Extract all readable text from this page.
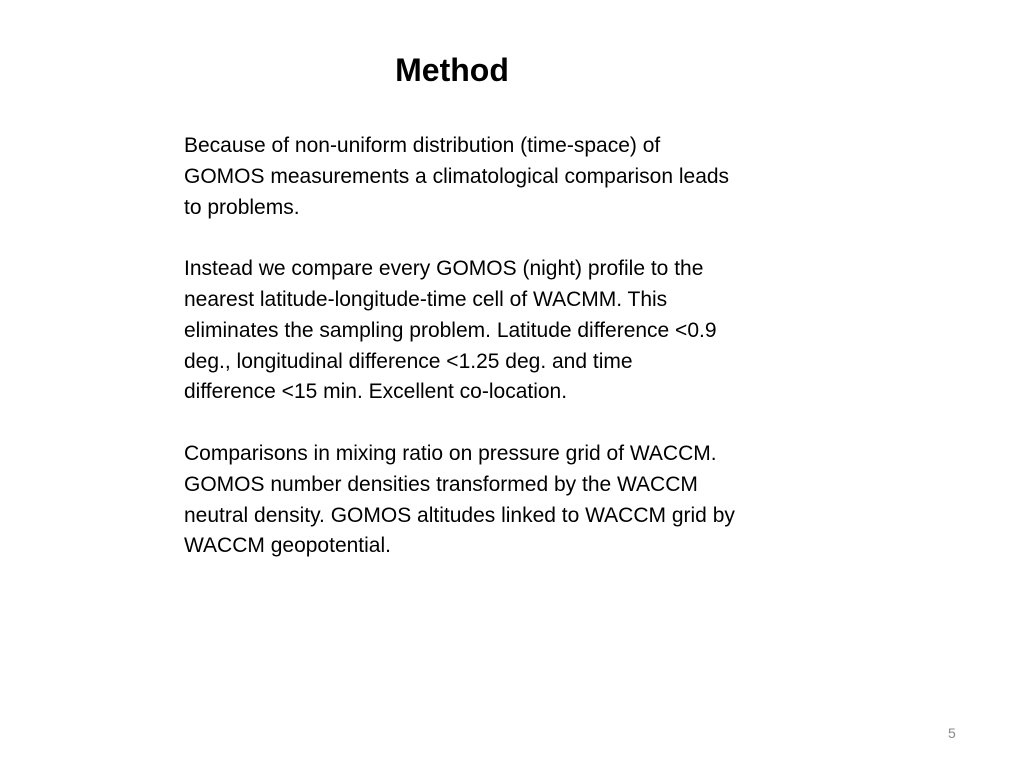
Method

Because of non-uniform distribution (time-space) of
GOMOS measurements a climatological comparison leads
to problems.

Instead we compare every GOMOS (night) profile to the
nearest latitude-longitude-time cell of WACMM. This
eliminates the sampling problem. Latitude difference <0.9
deg., longitudinal difference <1.25 deg. and time
difference <15 min. Excellent co-location.

Comparisons in mixing ratio on pressure grid of WACCM.
GOMOS number densities transformed by the WACCM
neutral density. GOMOS altitudes linked to WACCM grid by
WACCM geopotential.

5
